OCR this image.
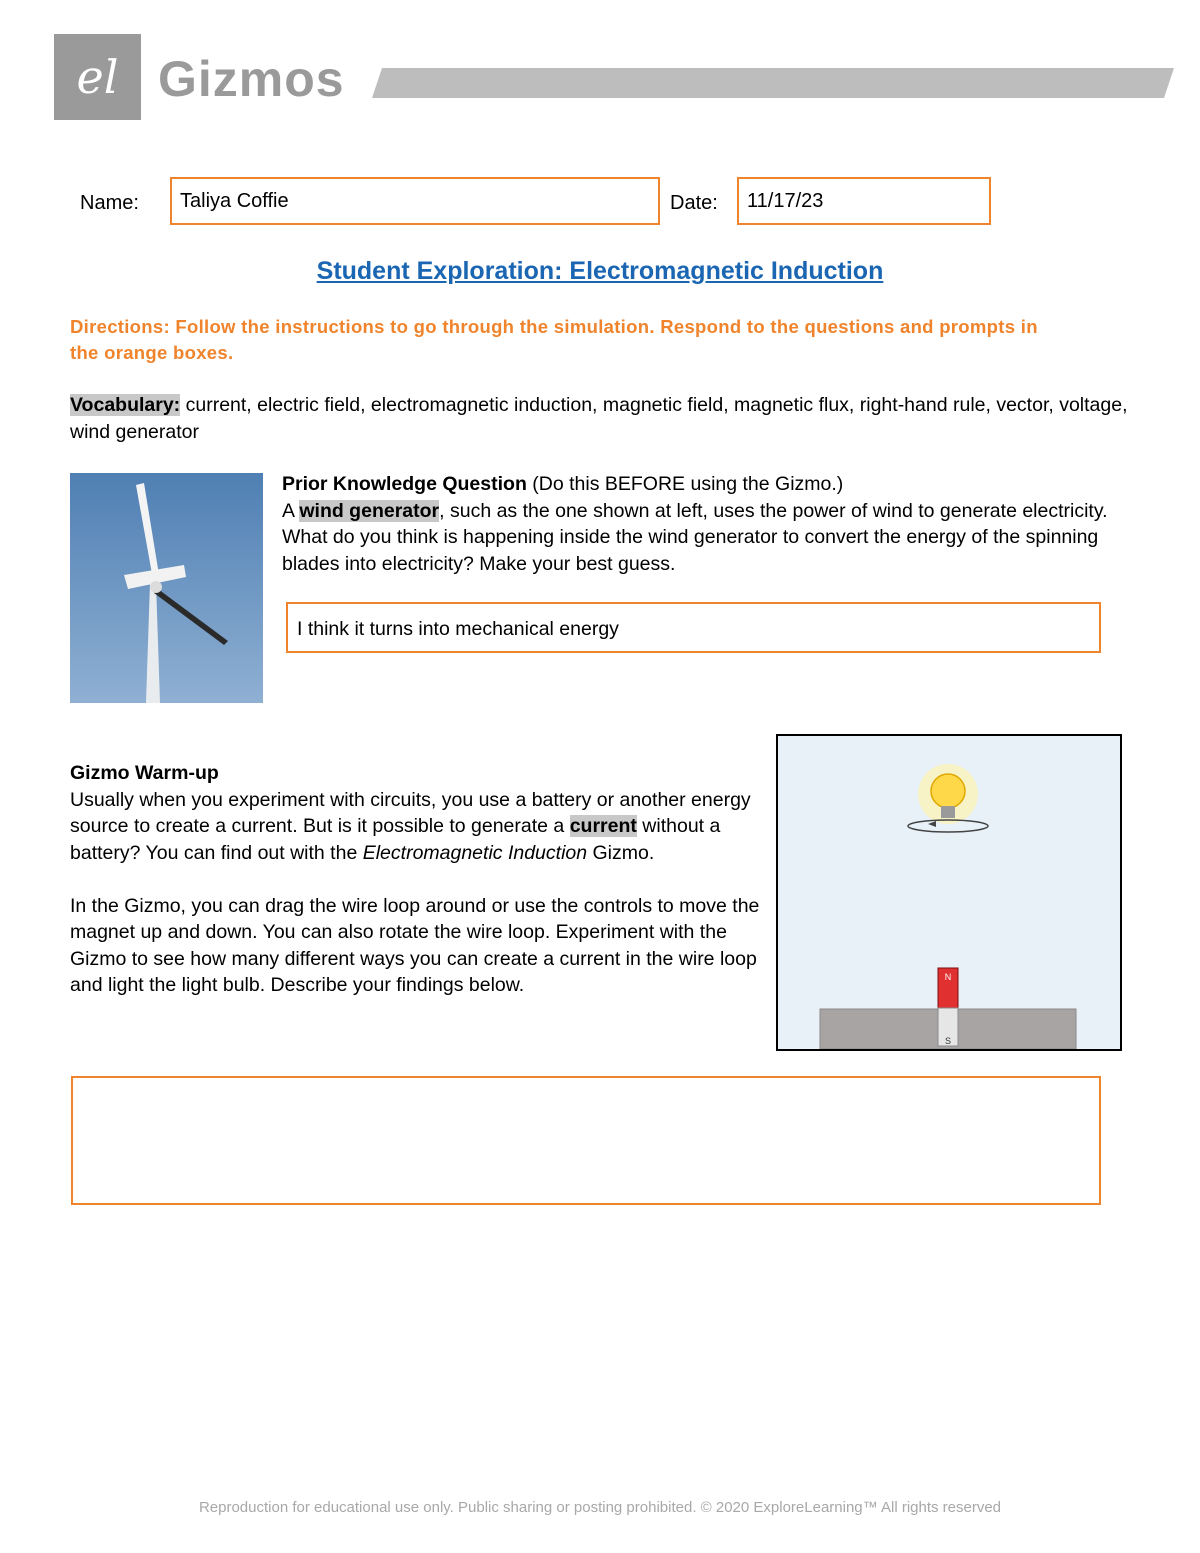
el Gizmos
Name:	Taliya Coffie	Date:	11/17/23
Student Exploration: Electromagnetic Induction
Directions: Follow the instructions to go through the simulation. Respond to the questions and prompts in the orange boxes.
Vocabulary: current, electric field, electromagnetic induction, magnetic field, magnetic flux, right-hand rule, vector, voltage, wind generator
Prior Knowledge Question (Do this BEFORE using the Gizmo.)
A wind generator, such as the one shown at left, uses the power of wind to generate electricity. What do you think is happening inside the wind generator to convert the energy of the spinning blades into electricity? Make your best guess.
I think it turns into mechanical energy
Gizmo Warm-up
Usually when you experiment with circuits, you use a battery or another energy source to create a current. But is it possible to generate a current without a battery? You can find out with the Electromagnetic Induction Gizmo.
In the Gizmo, you can drag the wire loop around or use the controls to move the magnet up and down. You can also rotate the wire loop. Experiment with the Gizmo to see how many different ways you can create a current in the wire loop and light the light bulb. Describe your findings below.	N
S
Reproduction for educational use only. Public sharing or posting prohibited. © 2020 ExploreLearning™ All rights reserved
